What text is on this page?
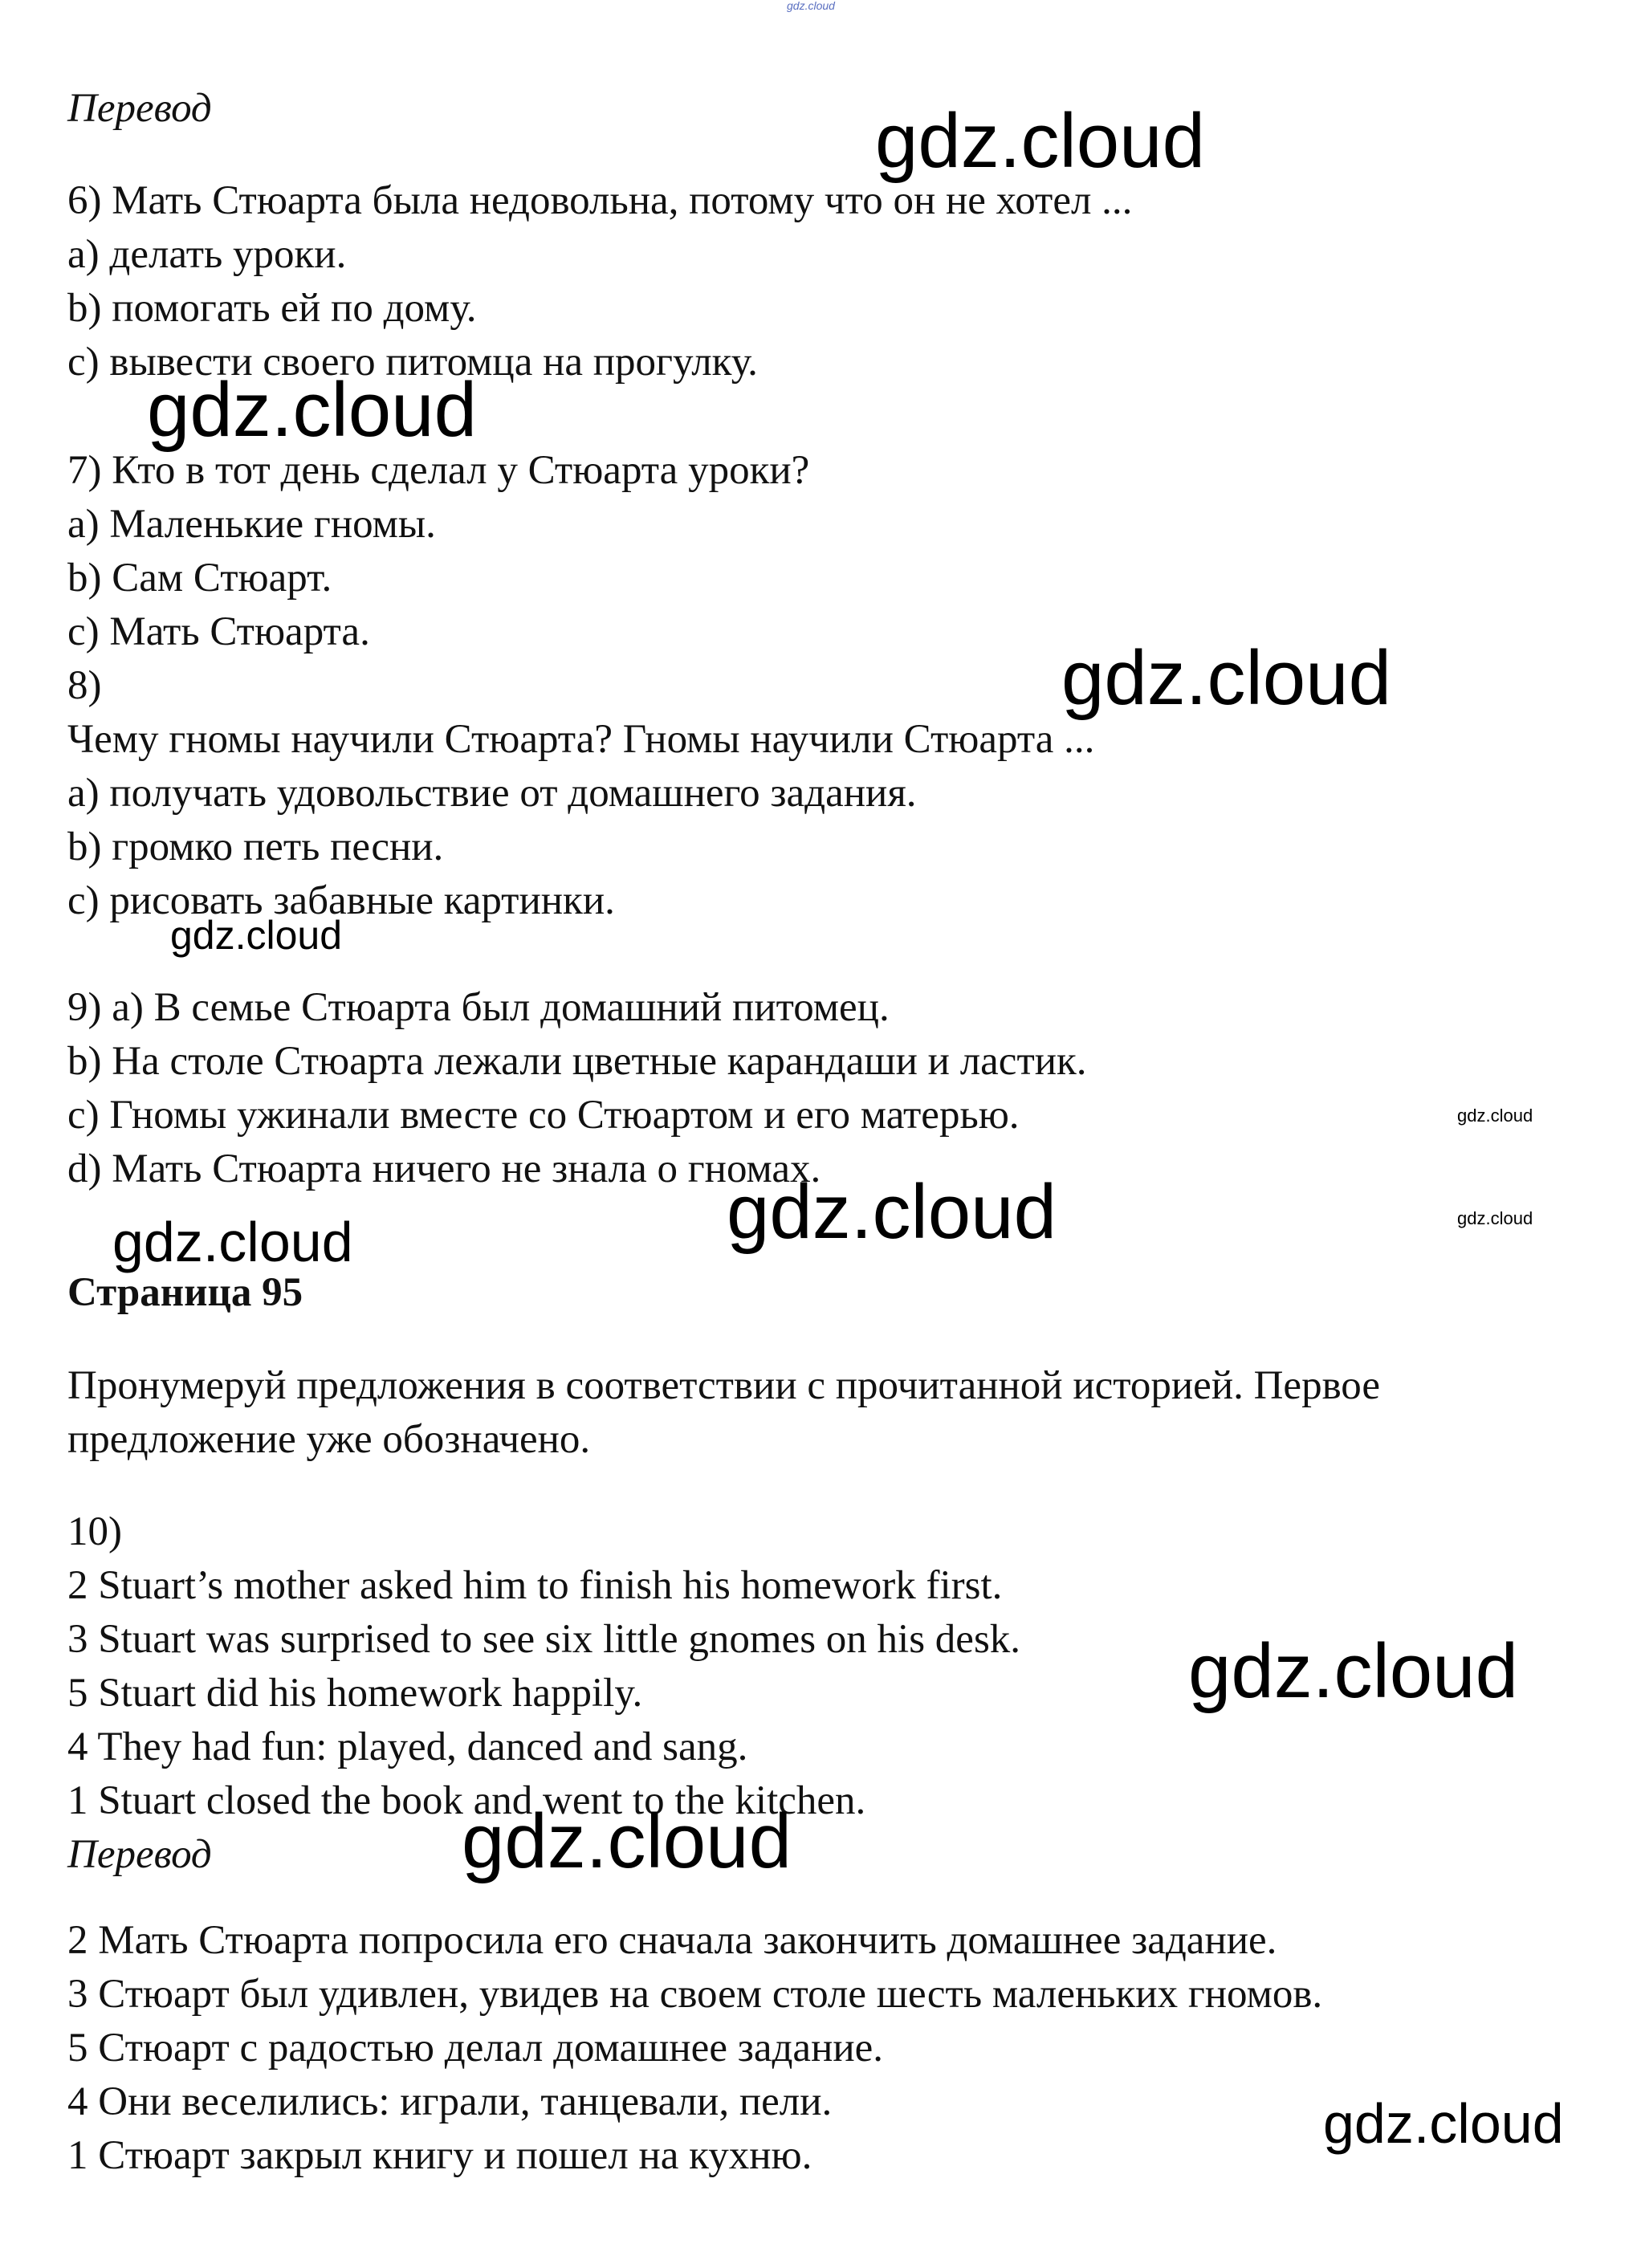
gdz.cloud
Перевод
6) Мать Стюарта была недовольна, потому что он не хотел ...
a) делать уроки.
b) помогать ей по дому.
c) вывести своего питомца на прогулку.
7) Кто в тот день сделал у Стюарта уроки?
a) Маленькие гномы.
b) Сам Стюарт.
c) Мать Стюарта.
8)
Чему гномы научили Стюарта? Гномы научили Стюарта ...
a) получать удовольствие от домашнего задания.
b) громко петь песни.
c) рисовать забавные картинки.
9) a) В семье Стюарта был домашний питомец.
b) На столе Стюарта лежали цветные карандаши и ластик.
c) Гномы ужинали вместе со Стюартом и его матерью.
d) Мать Стюарта ничего не знала о гномах.
Страница 95
Пронумеруй предложения в соответствии с прочитанной историей. Первое
предложение уже обозначено.
10)
2 Stuart’s mother asked him to finish his homework first.
3 Stuart was surprised to see six little gnomes on his desk.
5 Stuart did his homework happily.
4 They had fun: played, danced and sang.
1 Stuart closed the book and went to the kitchen.
Перевод
2 Мать Стюарта попросила его сначала закончить домашнее задание.
3 Стюарт был удивлен, увидев на своем столе шесть маленьких гномов.
5 Стюарт с радостью делал домашнее задание.
4 Они веселились: играли, танцевали, пели.
1 Стюарт закрыл книгу и пошел на кухню.
gdz.cloud
gdz.cloud
gdz.cloud
gdz.cloud
gdz.cloud
gdz.cloud	gdz.cloud
gdz.cloud
gdz.cloud
gdz.cloud
gdz.cloud
